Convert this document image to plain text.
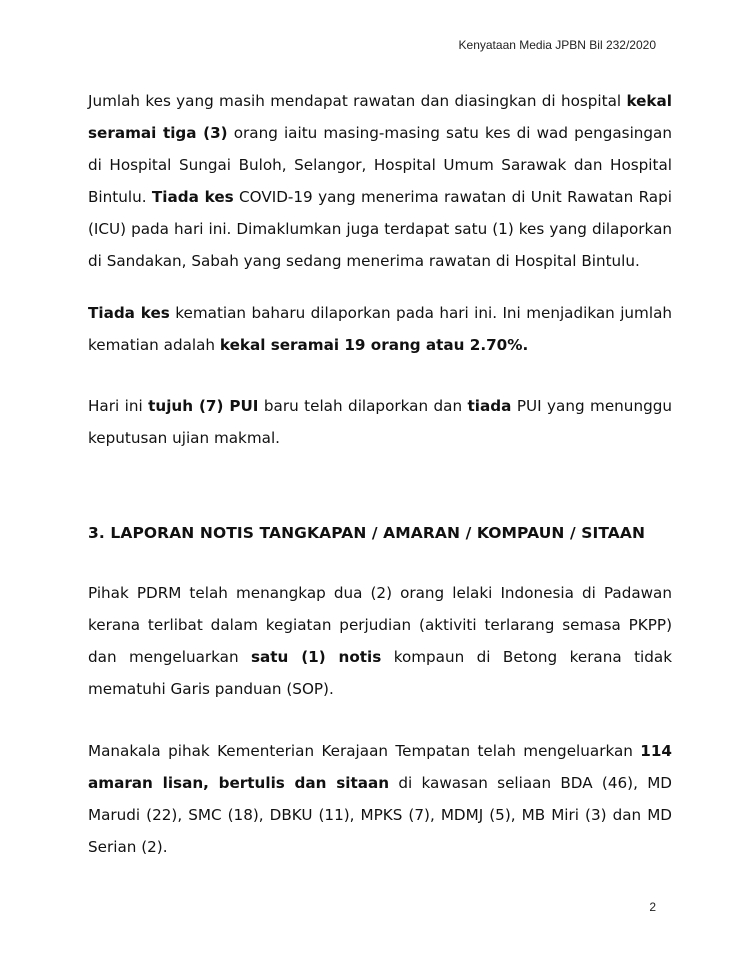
Kenyataan Media JPBN Bil 232/2020

Jumlah kes yang masih mendapat rawatan dan diasingkan di hospital kekal seramai tiga (3) orang iaitu masing-masing satu kes di wad pengasingan di Hospital Sungai Buloh, Selangor, Hospital Umum Sarawak dan Hospital Bintulu. Tiada kes COVID-19 yang menerima rawatan di Unit Rawatan Rapi (ICU) pada hari ini. Dimaklumkan juga terdapat satu (1) kes yang dilaporkan di Sandakan, Sabah yang sedang menerima rawatan di Hospital Bintulu.

Tiada kes kematian baharu dilaporkan pada hari ini. Ini menjadikan jumlah kematian adalah kekal seramai 19 orang atau 2.70%.

Hari ini tujuh (7) PUI baru telah dilaporkan dan tiada PUI yang menunggu keputusan ujian makmal.

3. LAPORAN NOTIS TANGKAPAN / AMARAN / KOMPAUN / SITAAN

Pihak PDRM telah menangkap dua (2) orang lelaki Indonesia di Padawan kerana terlibat dalam kegiatan perjudian (aktiviti terlarang semasa PKPP) dan mengeluarkan satu (1) notis kompaun di Betong kerana tidak mematuhi Garis panduan (SOP).

Manakala pihak Kementerian Kerajaan Tempatan telah mengeluarkan 114 amaran lisan, bertulis dan sitaan di kawasan seliaan BDA (46), MD Marudi (22), SMC (18), DBKU (11), MPKS (7), MDMJ (5), MB Miri (3) dan MD Serian (2).

2
